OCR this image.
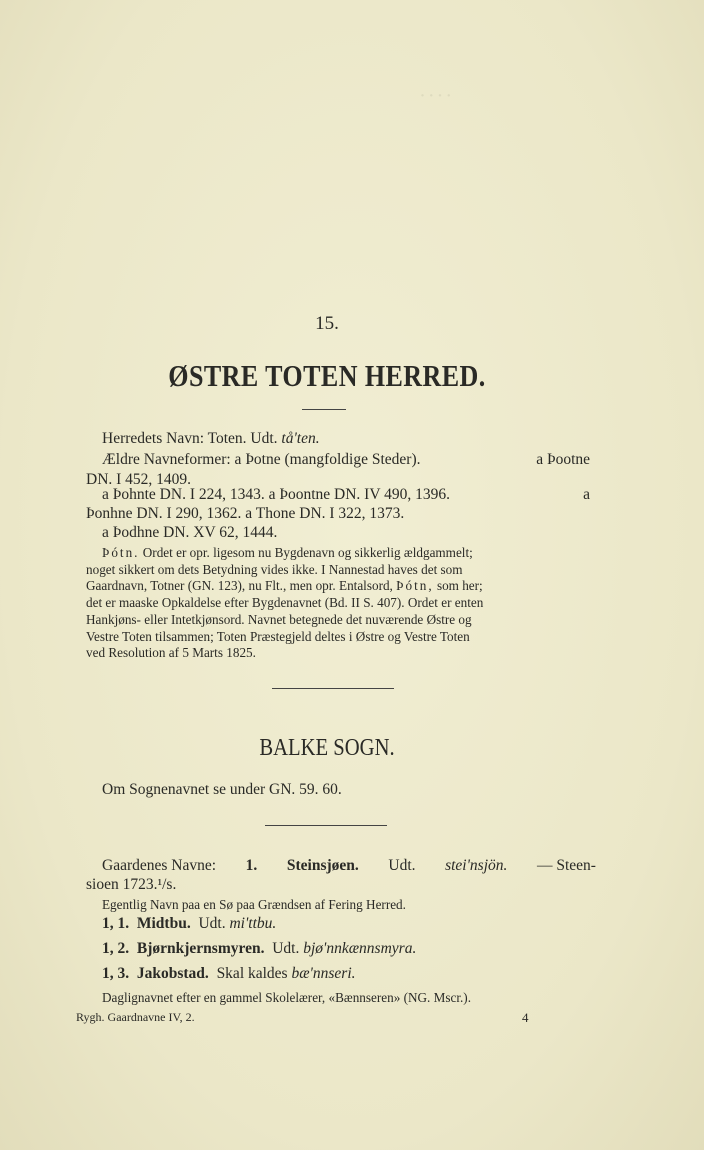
· · · ·
15.
ØSTRE TOTEN HERRED.
Herredets Navn: Toten. Udt. tå'ten.
Ældre Navneformer: a Þotne (mangfoldige Steder).	a Þootne
DN. I 452, 1409.
a Þohnte DN. I 224, 1343. a Þoontne DN. IV 490, 1396.	a
Þonhne DN. I 290, 1362. a Thone DN. I 322, 1373.
a Þodhne DN. XV 62, 1444.
Þótn. Ordet er opr. ligesom nu Bygdenavn og sikkerlig ældgammelt;
noget sikkert om dets Betydning vides ikke. I Nannestad haves det som
Gaardnavn, Totner (GN. 123), nu Flt., men opr. Entalsord, Þótn, som her;
det er maaske Opkaldelse efter Bygdenavnet (Bd. II S. 407). Ordet er enten
Hankjøns- eller Intetkjønsord. Navnet betegnede det nuværende Østre og
Vestre Toten tilsammen; Toten Præstegjeld deltes i Østre og Vestre Toten
ved Resolution af 5 Marts 1825.
BALKE SOGN.
Om Sognenavnet se under GN. 59. 60.
Gaardenes Navne: 1. Steinsjøen. Udt. stei'nsjön. — Steen-
sioen 1723.¹/s.
Egentlig Navn paa en Sø paa Grændsen af Fering Herred.
1, 1. Midtbu. Udt. mi'ttbu.
1, 2. Bjørnkjernsmyren. Udt. bjø'nnkænnsmyra.
1, 3. Jakobstad. Skal kaldes bæ'nnseri.
Daglignavnet efter en gammel Skolelærer, «Bænnseren» (NG. Mscr.).
Rygh. Gaardnavne IV, 2.	4
